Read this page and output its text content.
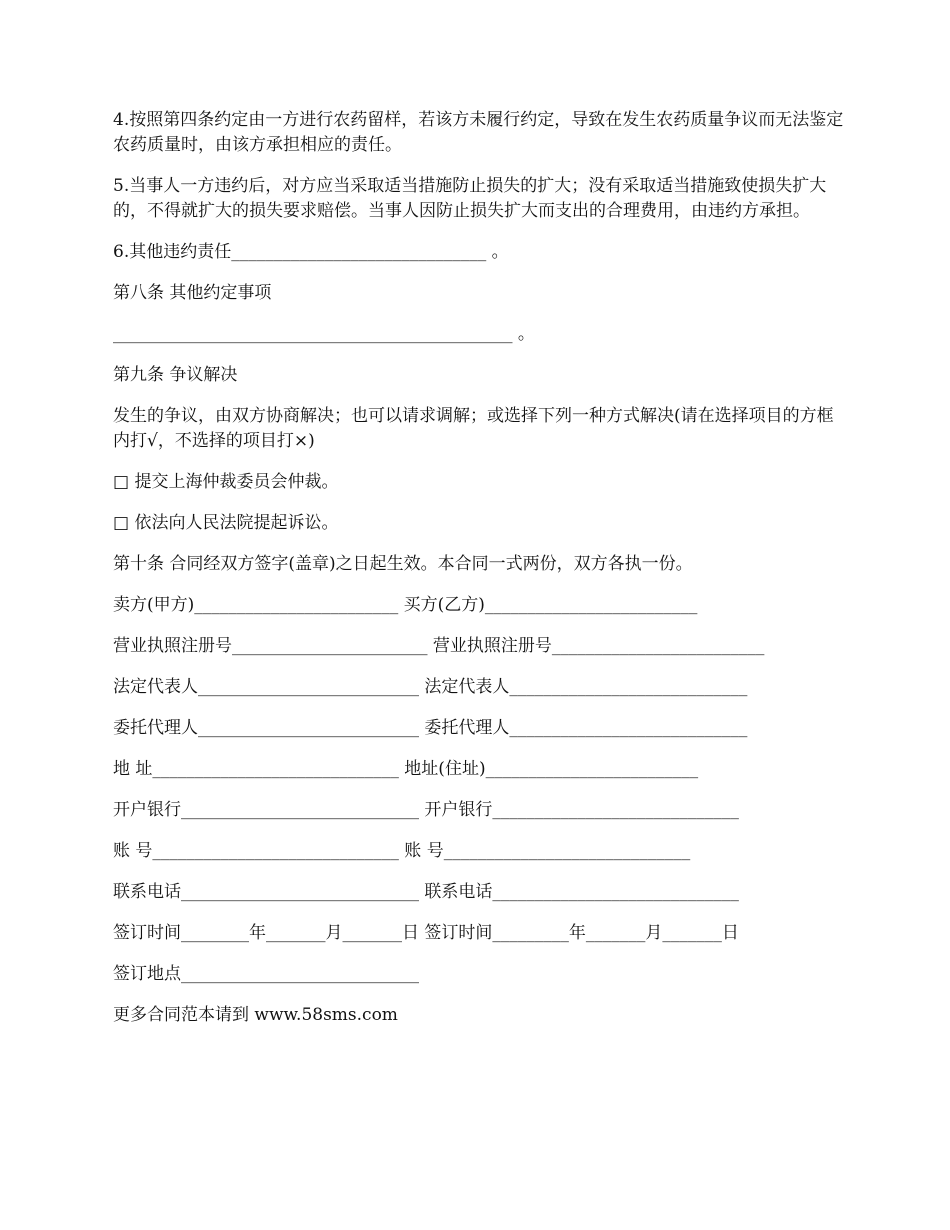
4.按照第四条约定由一方进行农药留样，若该方未履行约定，导致在发生农药质量争议而无法鉴定农药质量时，由该方承担相应的责任。

5.当事人一方违约后，对方应当采取适当措施防止损失的扩大；没有采取适当措施致使损失扩大的，不得就扩大的损失要求赔偿。当事人因防止损失扩大而支出的合理费用，由违约方承担。

6.其他违约责任______________________________ 。

第八条 其他约定事项

_______________________________________________ 。

第九条 争议解决

发生的争议，由双方协商解决；也可以请求调解；或选择下列一种方式解决(请在选择项目的方框内打√，不选择的项目打×)

□ 提交上海仲裁委员会仲裁。

□ 依法向人民法院提起诉讼。

第十条 合同经双方签字(盖章)之日起生效。本合同一式两份，双方各执一份。

卖方(甲方)________________________ 买方(乙方)_________________________

营业执照注册号_______________________ 营业执照注册号_________________________

法定代表人__________________________ 法定代表人____________________________

委托代理人__________________________ 委托代理人____________________________

地 址_____________________________ 地址(住址)_________________________

开户银行____________________________ 开户银行_____________________________

账 号_____________________________ 账 号_____________________________

联系电话____________________________ 联系电话_____________________________

签订时间________年_______月_______日 签订时间_________年_______月_______日

签订地点____________________________

更多合同范本请到 www.58sms.com
